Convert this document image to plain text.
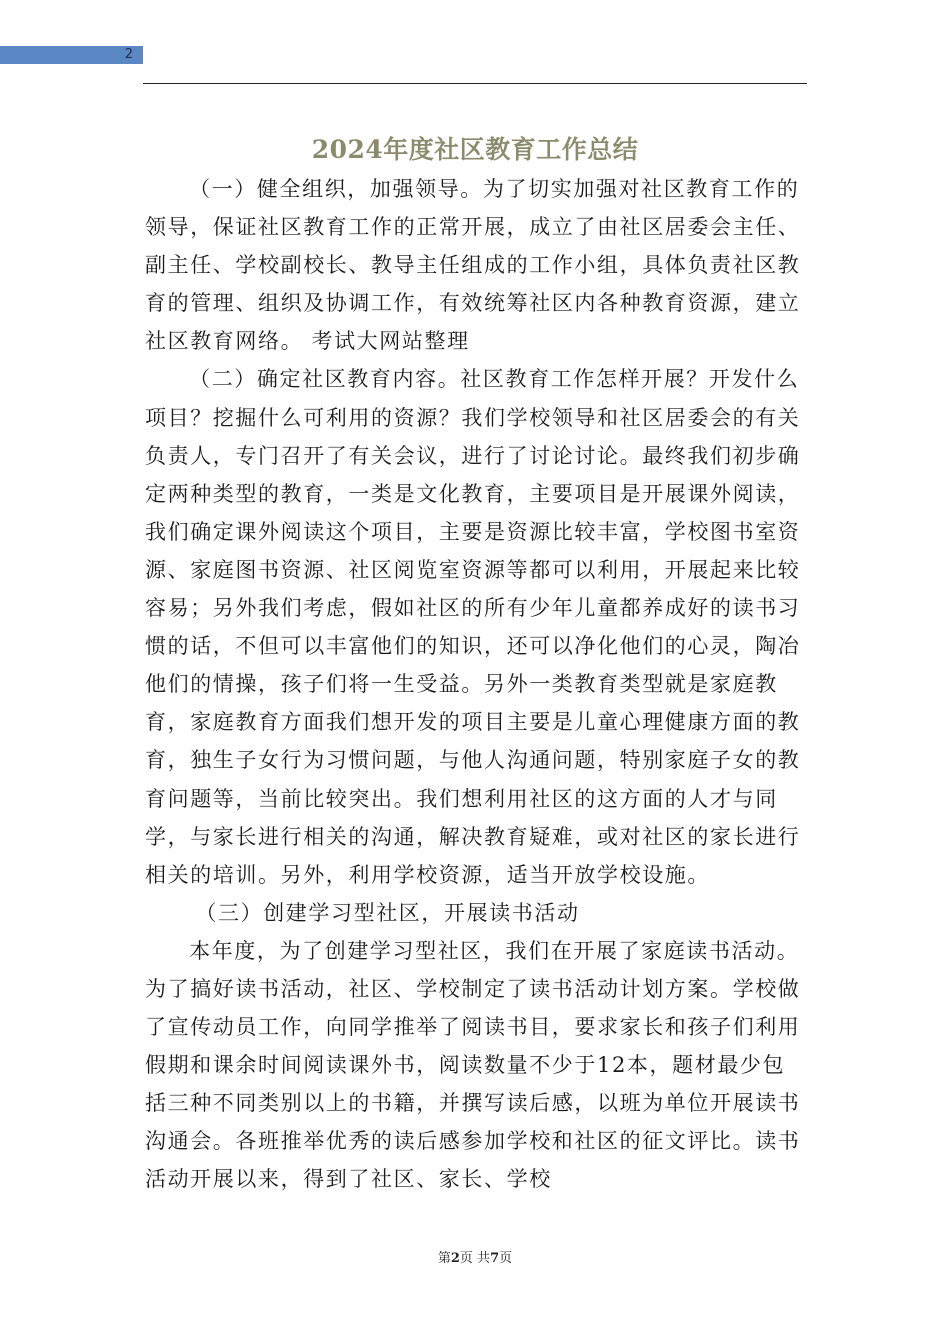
2
2024年度社区教育工作总结

（一）健全组织，加强领导。为了切实加强对社区教育工作的领导，保证社区教育工作的正常开展，成立了由社区居委会主任、副主任、学校副校长、教导主任组成的工作小组，具体负责社区教育的管理、组织及协调工作，有效统筹社区内各种教育资源，建立社区教育网络。 考试大网站整理

（二）确定社区教育内容。社区教育工作怎样开展？开发什么项目？挖掘什么可利用的资源？我们学校领导和社区居委会的有关负责人，专门召开了有关会议，进行了讨论讨论。最终我们初步确定两种类型的教育，一类是文化教育，主要项目是开展课外阅读，我们确定课外阅读这个项目，主要是资源比较丰富，学校图书室资源、家庭图书资源、社区阅览室资源等都可以利用，开展起来比较容易；另外我们考虑，假如社区的所有少年儿童都养成好的读书习惯的话，不但可以丰富他们的知识，还可以净化他们的心灵，陶冶他们的情操，孩子们将一生受益。另外一类教育类型就是家庭教育，家庭教育方面我们想开发的项目主要是儿童心理健康方面的教育，独生子女行为习惯问题，与他人沟通问题，特别家庭子女的教育问题等，当前比较突出。我们想利用社区的这方面的人才与同学，与家长进行相关的沟通，解决教育疑难，或对社区的家长进行相关的培训。另外，利用学校资源，适当开放学校设施。

（三）创建学习型社区，开展读书活动

本年度，为了创建学习型社区，我们在开展了家庭读书活动。为了搞好读书活动，社区、学校制定了读书活动计划方案。学校做了宣传动员工作，向同学推举了阅读书目，要求家长和孩子们利用假期和课余时间阅读课外书，阅读数量不少于12本，题材最少包括三种不同类别以上的书籍，并撰写读后感，以班为单位开展读书沟通会。各班推举优秀的读后感参加学校和社区的征文评比。读书活动开展以来，得到了社区、家长、学校

第2页 共7页
